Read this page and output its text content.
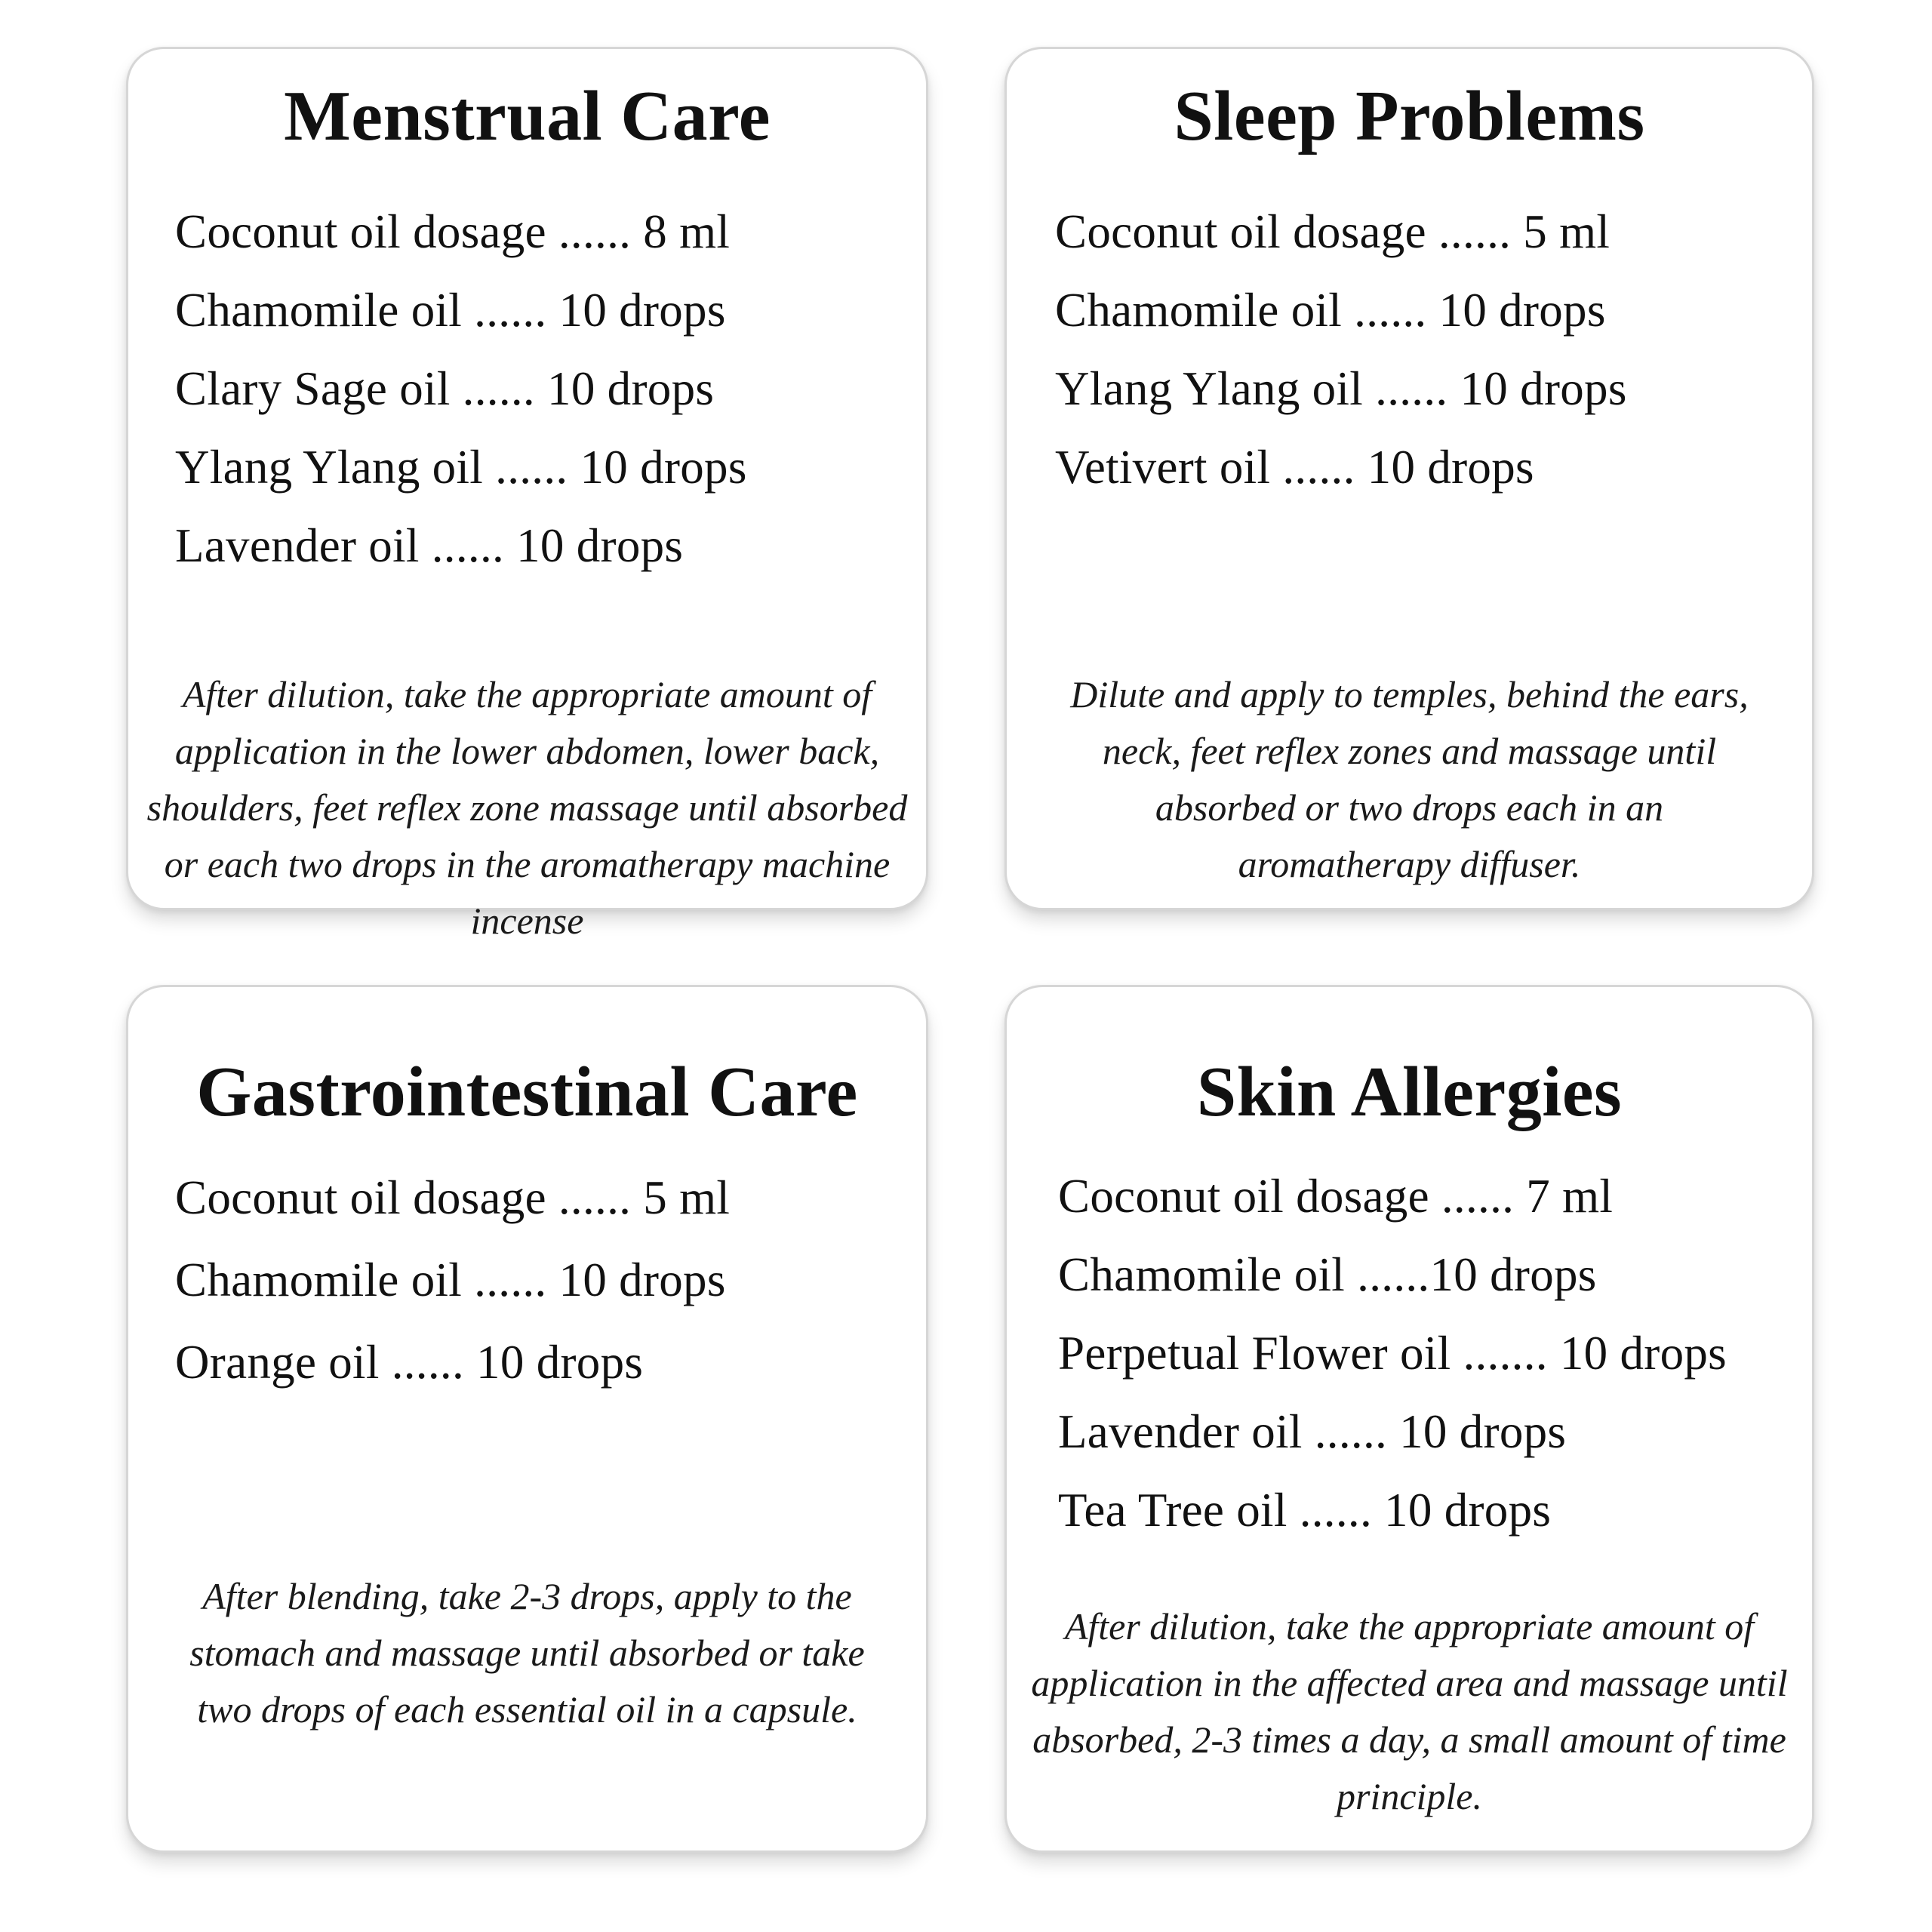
Menstrual Care
Coconut oil dosage ...... 8 ml
Chamomile oil ...... 10 drops
Clary Sage oil ...... 10 drops
Ylang Ylang oil ...... 10 drops
Lavender oil ...... 10 drops

After dilution, take the appropriate amount of application in the lower abdomen, lower back, shoulders, feet reflex zone massage until absorbed or each two drops in the aromatherapy machine incense

Sleep Problems
Coconut oil dosage ...... 5 ml
Chamomile oil ...... 10 drops
Ylang Ylang oil ...... 10 drops
Vetivert oil ...... 10 drops

Dilute and apply to temples, behind the ears, neck, feet reflex zones and massage until absorbed or two drops each in an aromatherapy diffuser.

Gastrointestinal Care
Coconut oil dosage ...... 5 ml
Chamomile oil ...... 10 drops
Orange oil ...... 10 drops

After blending, take 2-3 drops, apply to the stomach and massage until absorbed or take two drops of each essential oil in a capsule.

Skin Allergies
Coconut oil dosage ...... 7 ml
Chamomile oil ......10 drops
Perpetual Flower oil ....... 10 drops
Lavender oil ...... 10 drops
Tea Tree oil ...... 10 drops

After dilution, take the appropriate amount of application in the affected area and massage until absorbed, 2-3 times a day, a small amount of time principle.
